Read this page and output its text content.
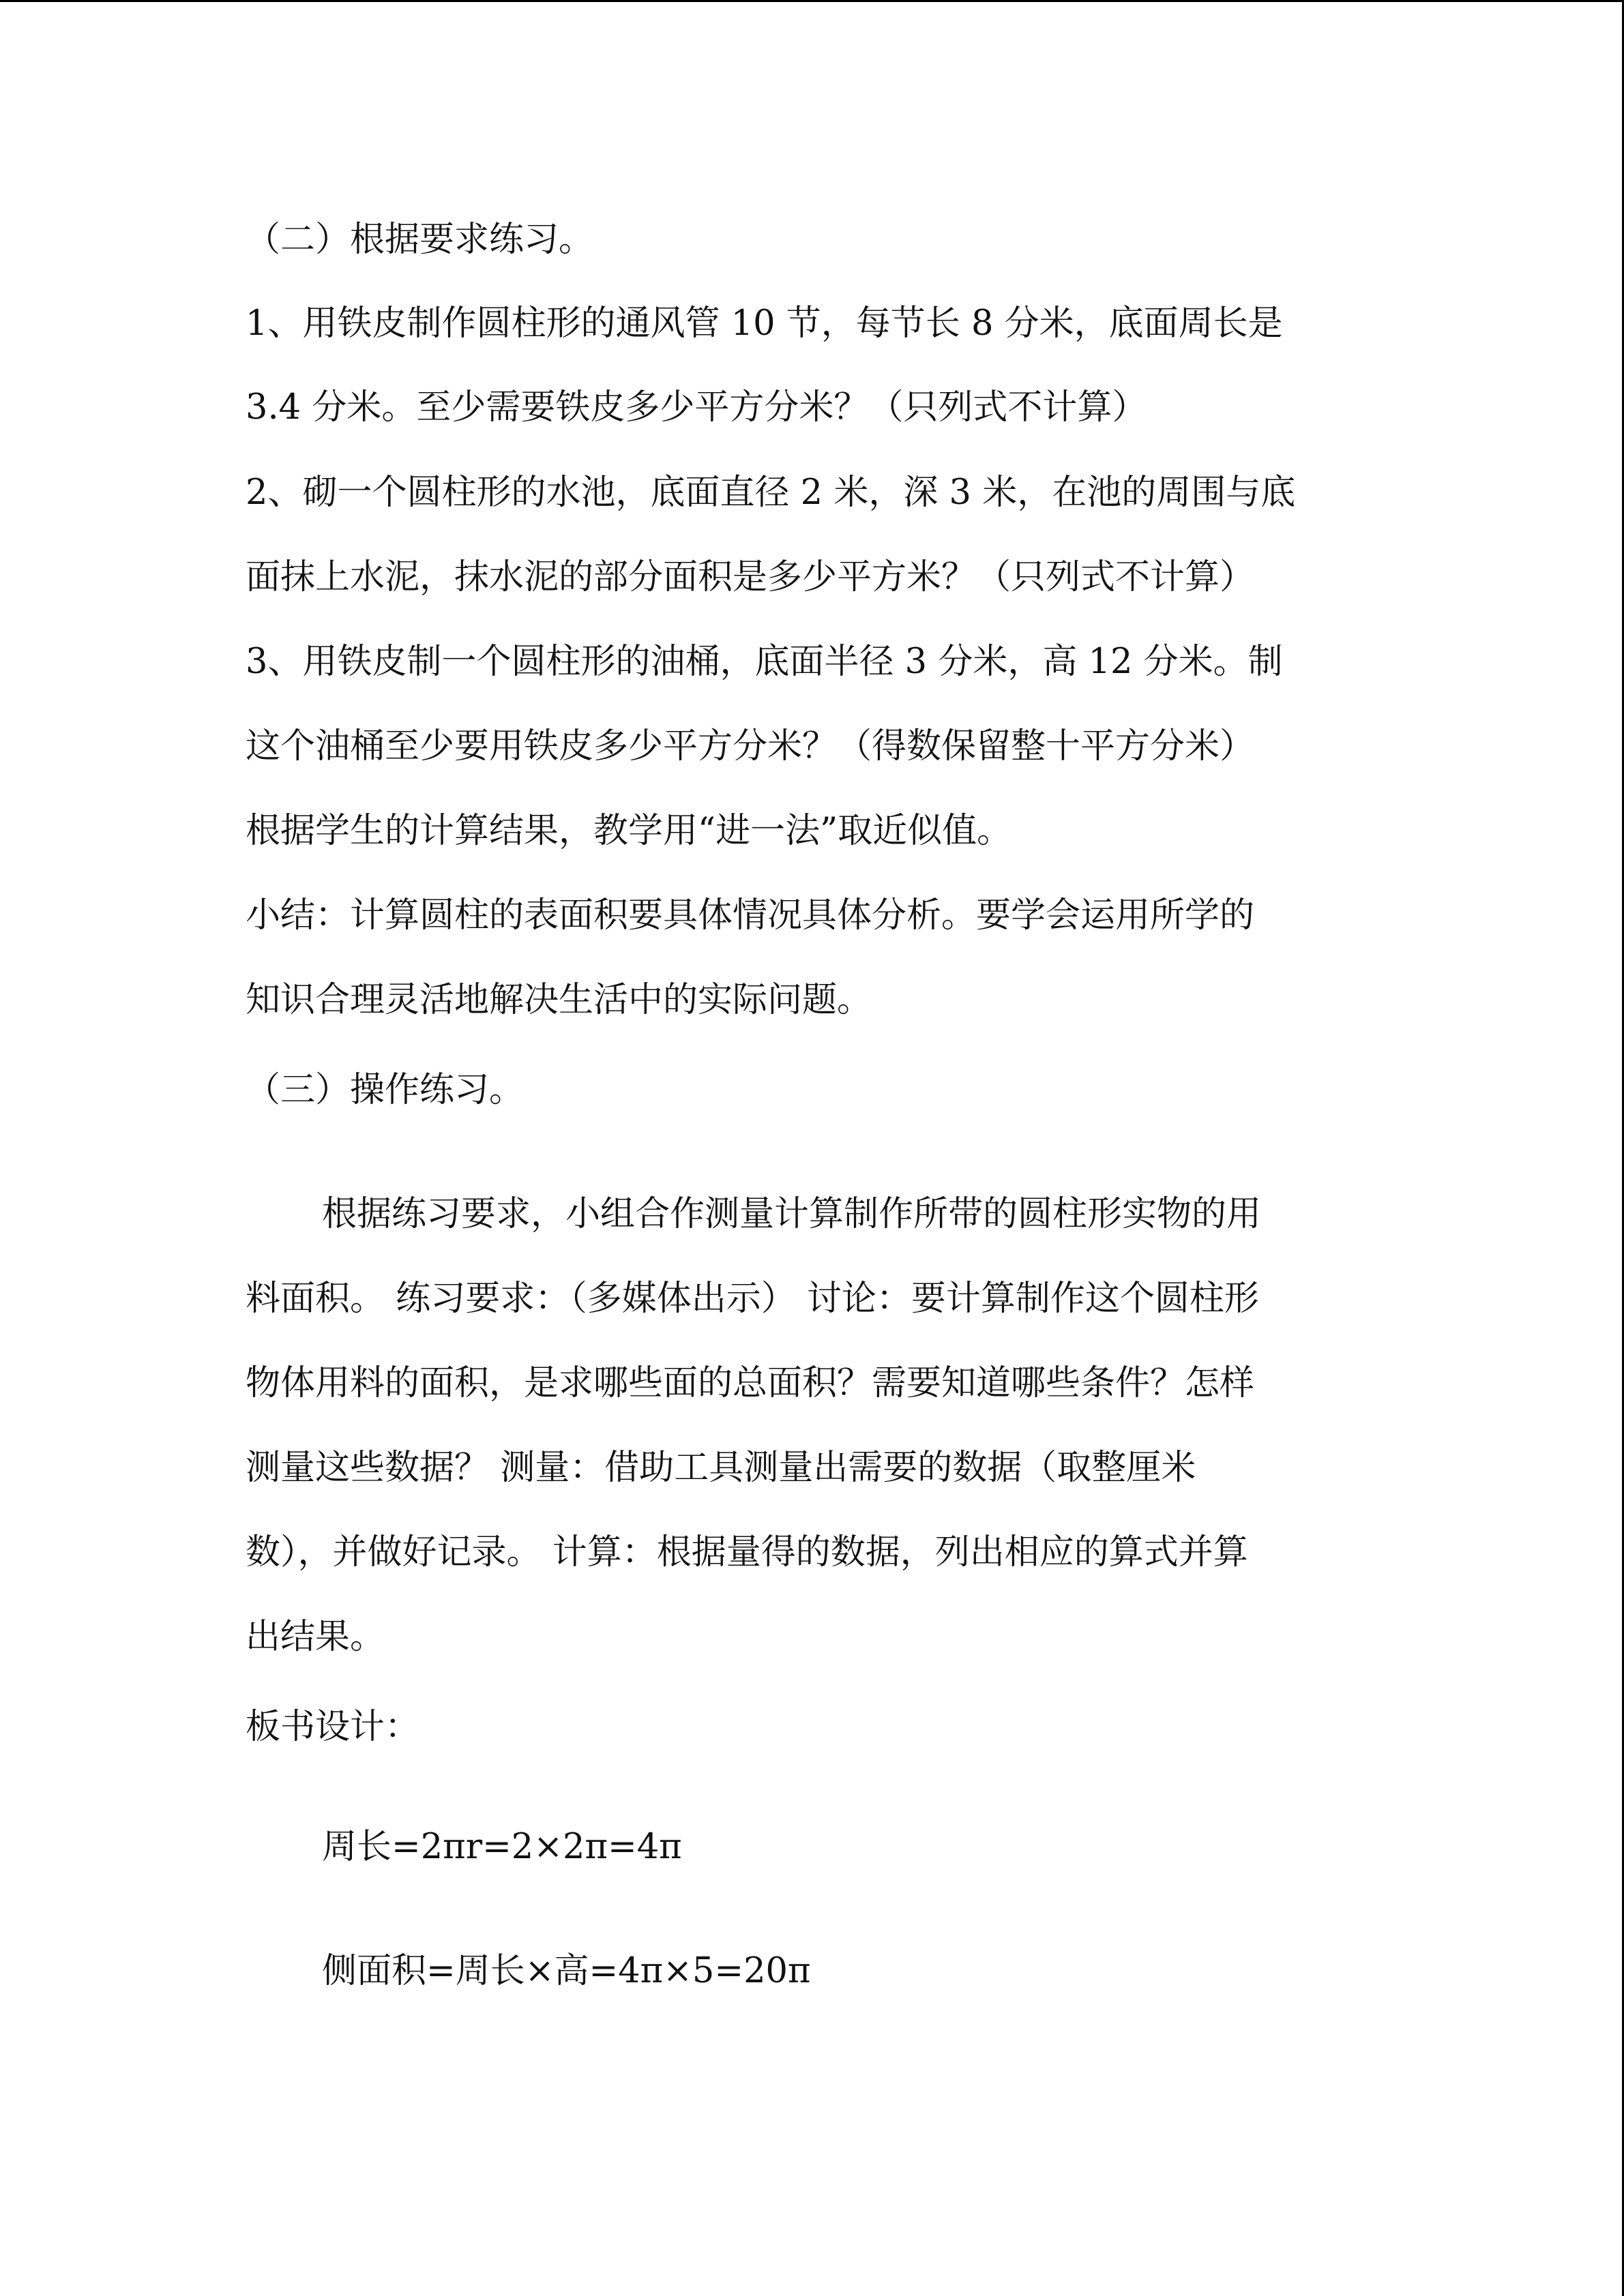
（二）根据要求练习。

1、用铁皮制作圆柱形的通风管 10 节，每节长 8 分米，底面周长是

3.4 分米。至少需要铁皮多少平方分米？（只列式不计算）

2、砌一个圆柱形的水池，底面直径 2 米，深 3 米，在池的周围与底

面抹上水泥，抹水泥的部分面积是多少平方米？（只列式不计算）

3、用铁皮制一个圆柱形的油桶，底面半径 3 分米，高 12 分米。制

这个油桶至少要用铁皮多少平方分米？（得数保留整十平方分米）

根据学生的计算结果，教学用“进一法”取近似值。

小结：计算圆柱的表面积要具体情况具体分析。要学会运用所学的

知识合理灵活地解决生活中的实际问题。

（三）操作练习。

根据练习要求，小组合作测量计算制作所带的圆柱形实物的用

料面积。 练习要求：（多媒体出示） 讨论：要计算制作这个圆柱形

物体用料的面积，是求哪些面的总面积？需要知道哪些条件？怎样

测量这些数据？ 测量：借助工具测量出需要的数据（取整厘米

数），并做好记录。 计算：根据量得的数据，列出相应的算式并算

出结果。

板书设计：

周长=2πr=2×2π=4π

侧面积=周长×高=4π×5=20π
